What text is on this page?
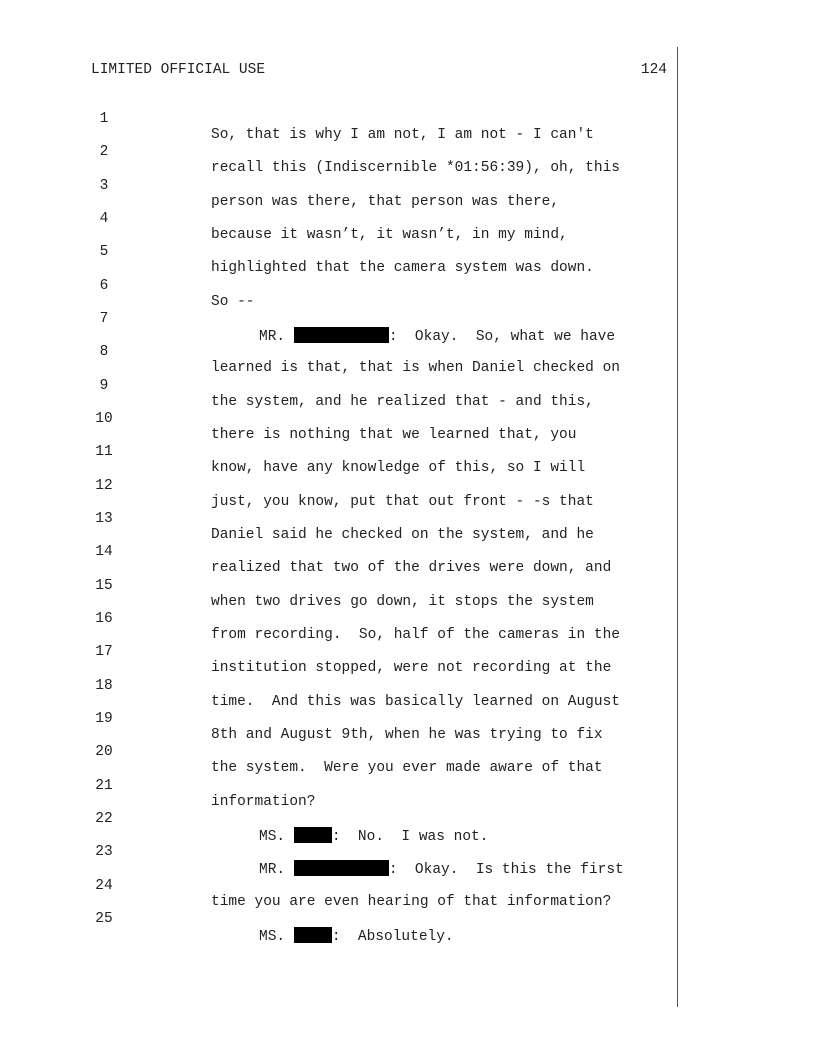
LIMITED OFFICIAL USE	124

1

So, that is why I am not, I am not - I can't

2

recall this (Indiscernible *01:56:39), oh, this

3

person was there, that person was there,

4

because it wasn’t, it wasn’t, in my mind,

5

highlighted that the camera system was down.

6

So --

7

MR.	:  Okay.  So, what we have

8

learned is that, that is when Daniel checked on

9

the system, and he realized that - and this,

10

there is nothing that we learned that, you

11

know, have any knowledge of this, so I will

12

just, you know, put that out front - -s that

13

Daniel said he checked on the system, and he

14

realized that two of the drives were down, and

15

when two drives go down, it stops the system

16

from recording.  So, half of the cameras in the

17

institution stopped, were not recording at the

18

time.  And this was basically learned on August

19

8th and August 9th, when he was trying to fix

20

the system.  Were you ever made aware of that

21

information?

22

MS.	:  No.  I was not.

23

MR.	:  Okay.  Is this the first

24

time you are even hearing of that information?

25

MS.	:  Absolutely.
